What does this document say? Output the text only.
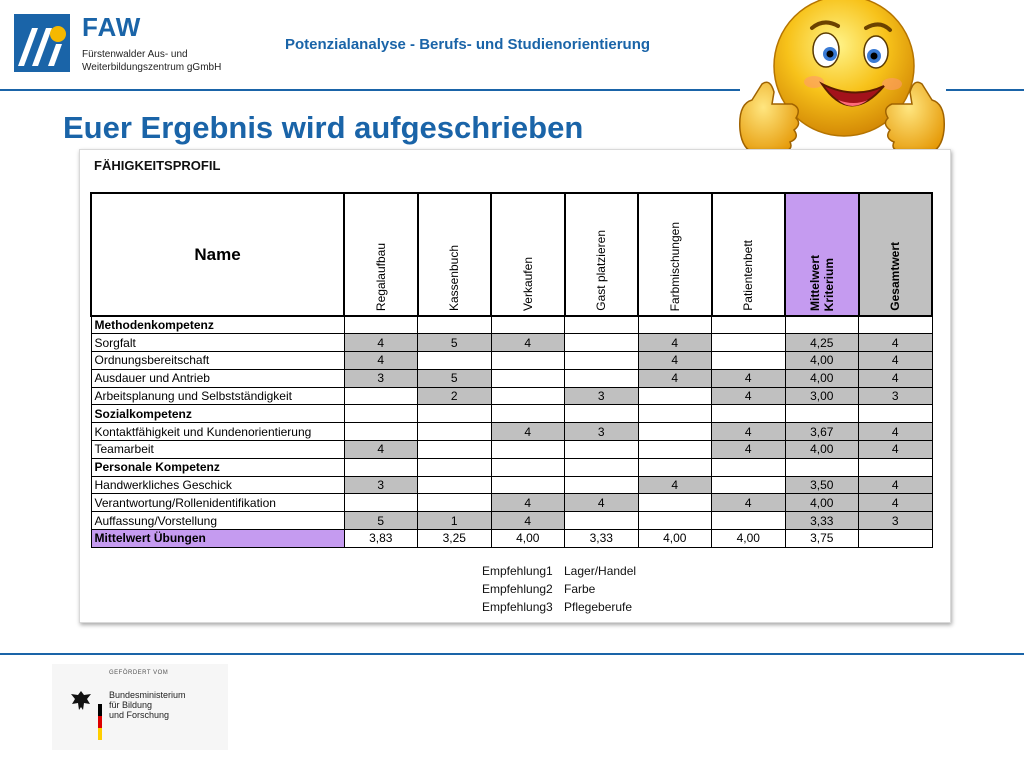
FAW
Fürstenwalder Aus- und
Weiterbildungszentrum gGmbH
Potenzialanalyse - Berufs- und Studienorientierung
Euer Ergebnis wird aufgeschrieben
FÄHIGKEITSPROFIL
Name	Regalaufbau	Kassenbuch	Verkaufen	Gast platzieren	Farbmischungen	Patientenbett	MittelwertKriterium	Gesamtwert
Methodenkompetenz								
Sorgfalt	4	5	4		4		4,25	4
Ordnungsbereitschaft	4				4		4,00	4
Ausdauer und Antrieb	3	5			4	4	4,00	4
Arbeitsplanung und Selbstständigkeit		2		3		4	3,00	3
Sozialkompetenz								
Kontaktfähigkeit und Kundenorientierung			4	3		4	3,67	4
Teamarbeit	4					4	4,00	4
Personale Kompetenz								
Handwerkliches Geschick	3				4		3,50	4
Verantwortung/Rollenidentifikation			4	4		4	4,00	4
Auffassung/Vorstellung	5	1	4				3,33	3
Mittelwert Übungen	3,83	3,25	4,00	3,33	4,00	4,00	3,75	
Empfehlung1 Lager/Handel
Empfehlung2 Farbe
Empfehlung3 Pflegeberufe
GEFÖRDERT VOM
Bundesministerium
für Bildung
und Forschung
